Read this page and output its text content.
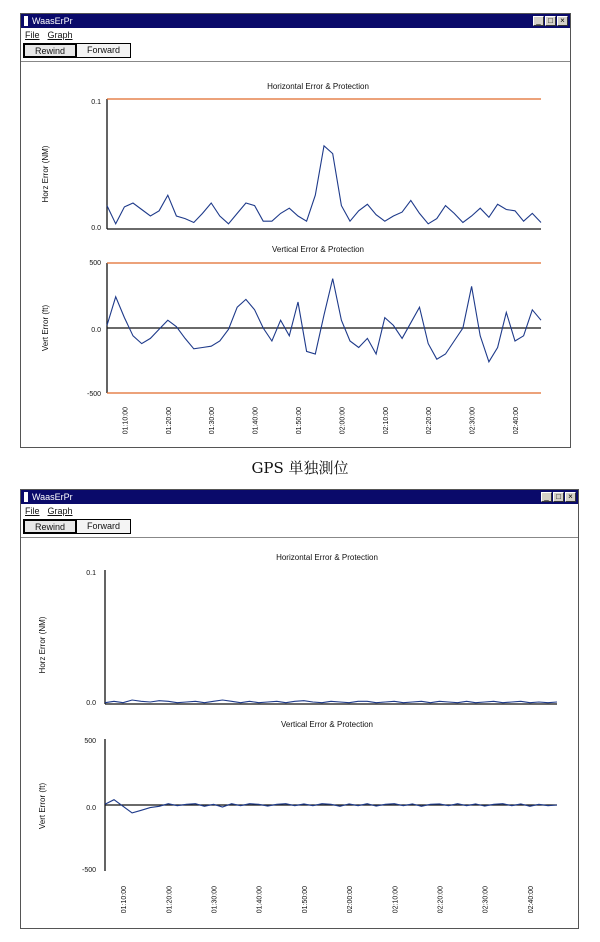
WaasErPr	_ □ ×
File Graph
Rewind	Forward
Horizontal Error & Protection
Horz Error (NM)
0.1
0.0
Vertical Error & Protection
Vert Error (ft)
500
0.0
-500
01:10:00	01:20:00	01:30:00	01:40:00	01:50:00	02:00:00	02:10:00	02:20:00	02:30:00	02:40:00
GPS 単独測位
WaasErPr	_ □ ×
File Graph
Rewind	Forward
Horizontal Error & Protection
Horz Error (NM)
0.1
0.0
Vertical Error & Protection
Vert Error (ft)
500
0.0
-500
01:10:00	01:20:00	01:30:00	01:40:00	01:50:00	02:00:00	02:10:00	02:20:00	02:30:00	02:40:00
